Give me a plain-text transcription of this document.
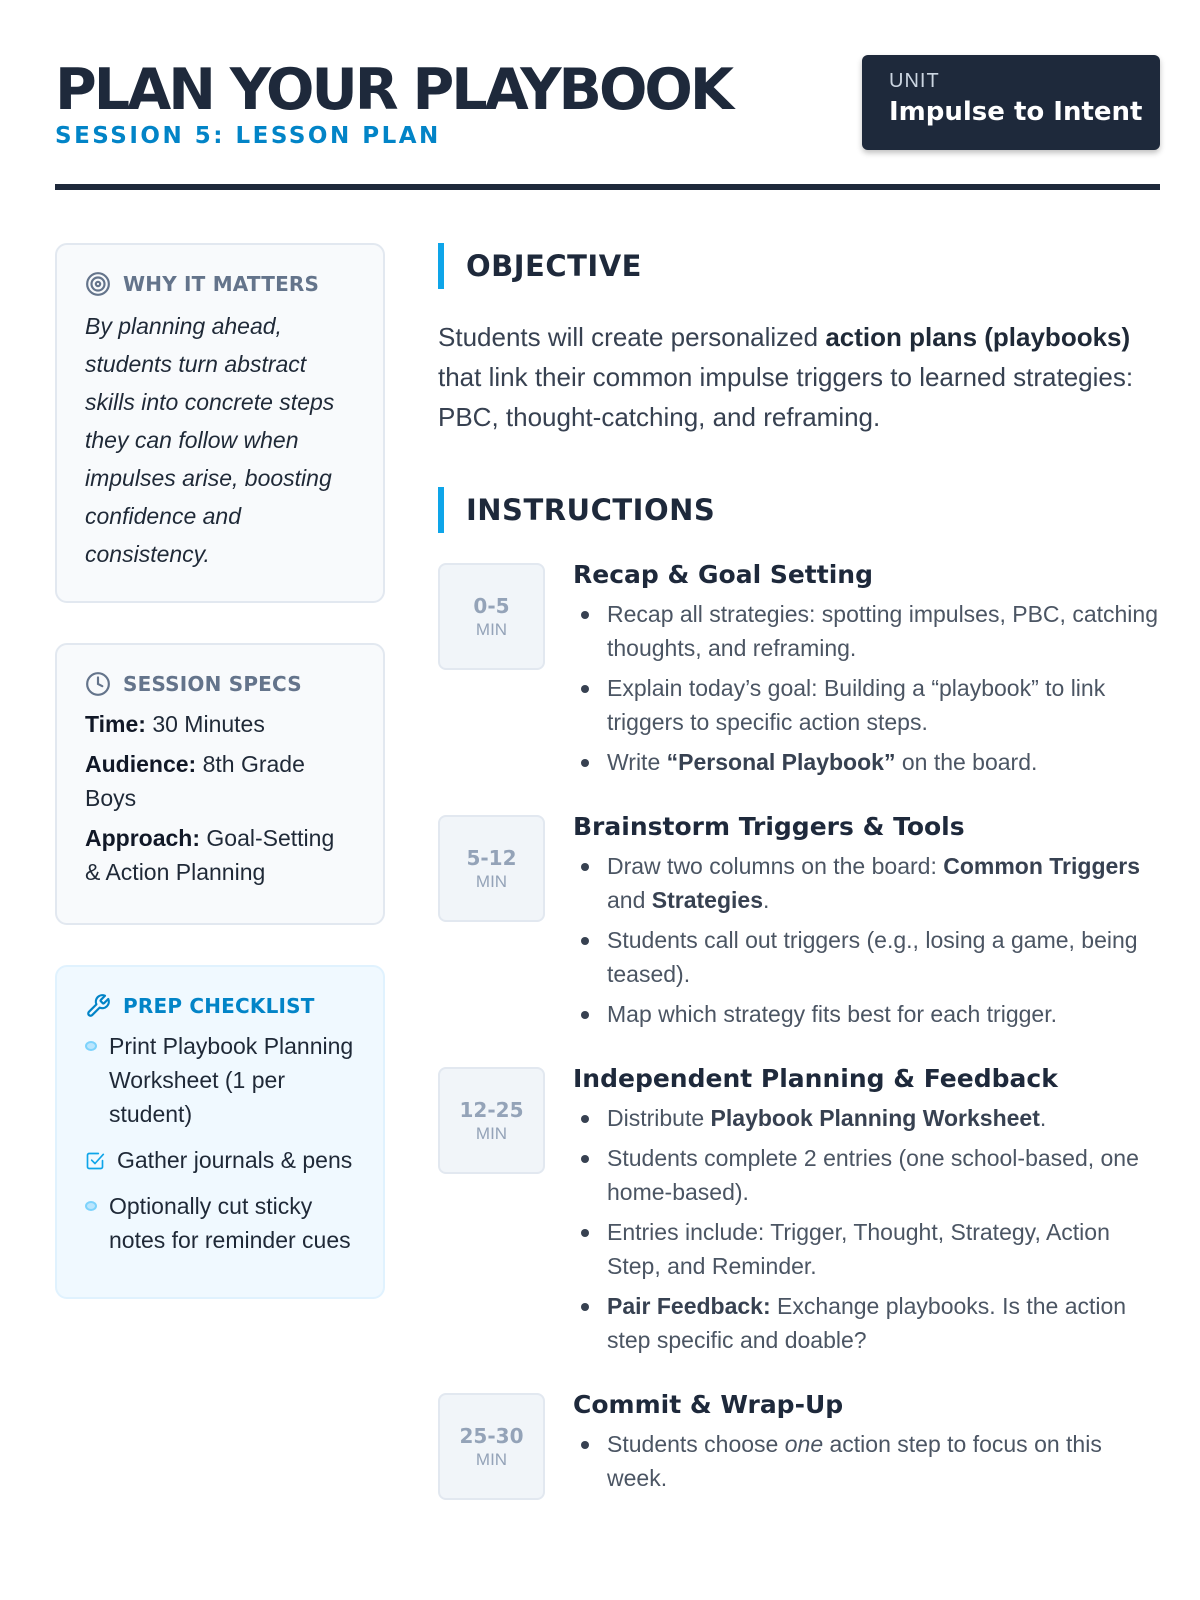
PLAN YOUR PLAYBOOK
SESSION 5: LESSON PLAN
UNIT
Impulse to Intent
WHY IT MATTERS

By planning ahead, students turn abstract skills into concrete steps they can follow when impulses arise, boosting confidence and consistency.

SESSION SPECS

Time: 30 Minutes

Audience: 8th Grade Boys

Approach: Goal-Setting & Action Planning

PREP CHECKLIST
Print Playbook Planning Worksheet (1 per student)
Gather journals & pens
Optionally cut sticky notes for reminder cues
OBJECTIVE

Students will create personalized action plans (playbooks) that link their common impulse triggers to learned strategies: PBC, thought-catching, and reframing.

INSTRUCTIONS
0-5
MIN
Recap & Goal Setting
Recap all strategies: spotting impulses, PBC, catching thoughts, and reframing.
Explain today’s goal: Building a “playbook” to link triggers to specific action steps.
Write “Personal Playbook” on the board.
5-12
MIN
Brainstorm Triggers & Tools
Draw two columns on the board: Common Triggers and Strategies.
Students call out triggers (e.g., losing a game, being teased).
Map which strategy fits best for each trigger.
12-25
MIN
Independent Planning & Feedback
Distribute Playbook Planning Worksheet.
Students complete 2 entries (one school-based, one home-based).
Entries include: Trigger, Thought, Strategy, Action Step, and Reminder.
Pair Feedback: Exchange playbooks. Is the action step specific and doable?
25-30
MIN
Commit & Wrap-Up
Students choose one action step to focus on this week.
